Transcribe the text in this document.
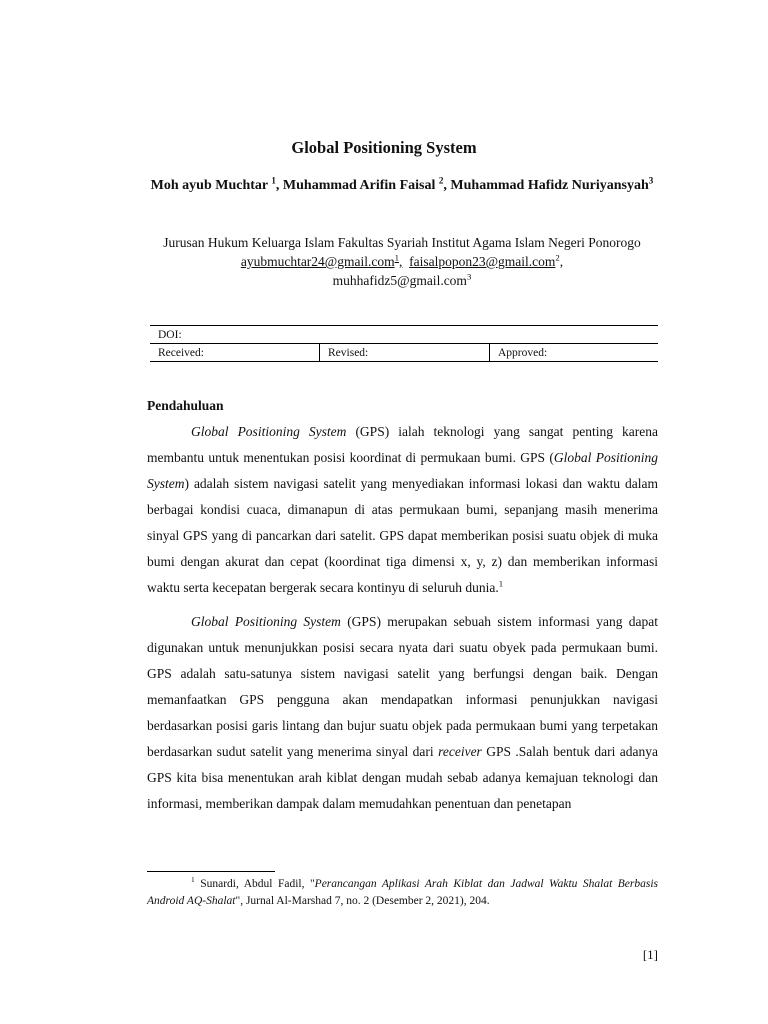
Global Positioning System
Moh ayub Muchtar $^1$, Muhammad Arifin Faisal $^2$, Muhammad Hafidz Nuriyansyah$^3$
Jurusan Hukum Keluarga Islam Fakultas Syariah Institut Agama Islam Negeri Ponorogo
ayubmuchtar24@gmail.com$^1$, faisalpopon23@gmail.com$^2$,
muhhafidz5@gmail.com$^3$
DOI:
Received:	Revised:	Approved:

Pendahuluan

Global Positioning System (GPS) ialah teknologi yang sangat penting karena membantu untuk menentukan posisi koordinat di permukaan bumi. GPS (Global Positioning System) adalah sistem navigasi satelit yang menyediakan informasi lokasi dan waktu dalam berbagai kondisi cuaca, dimanapun di atas permukaan bumi, sepanjang masih menerima sinyal GPS yang di pancarkan dari satelit. GPS dapat memberikan posisi suatu objek di muka bumi dengan akurat dan cepat (koordinat tiga dimensi x, y, z) dan memberikan informasi waktu serta kecepatan bergerak secara kontinyu di seluruh dunia.$^1$

Global Positioning System (GPS) merupakan sebuah sistem informasi yang dapat digunakan untuk menunjukkan posisi secara nyata dari suatu obyek pada permukaan bumi. GPS adalah satu-satunya sistem navigasi satelit yang berfungsi dengan baik. Dengan memanfaatkan GPS pengguna akan mendapatkan informasi penunjukkan navigasi berdasarkan posisi garis lintang dan bujur suatu objek pada permukaan bumi yang terpetakan berdasarkan sudut satelit yang menerima sinyal dari receiver GPS .Salah bentuk dari adanya GPS kita bisa menentukan arah kiblat dengan mudah sebab adanya kemajuan teknologi dan informasi, memberikan dampak dalam memudahkan penentuan dan penetapan

$^1$ Sunardi, Abdul Fadil, "Perancangan Aplikasi Arah Kiblat dan Jadwal Waktu Shalat Berbasis Android AQ-Shalat", Jurnal Al-Marshad 7, no. 2 (Desember 2, 2021), 204.
[1]
